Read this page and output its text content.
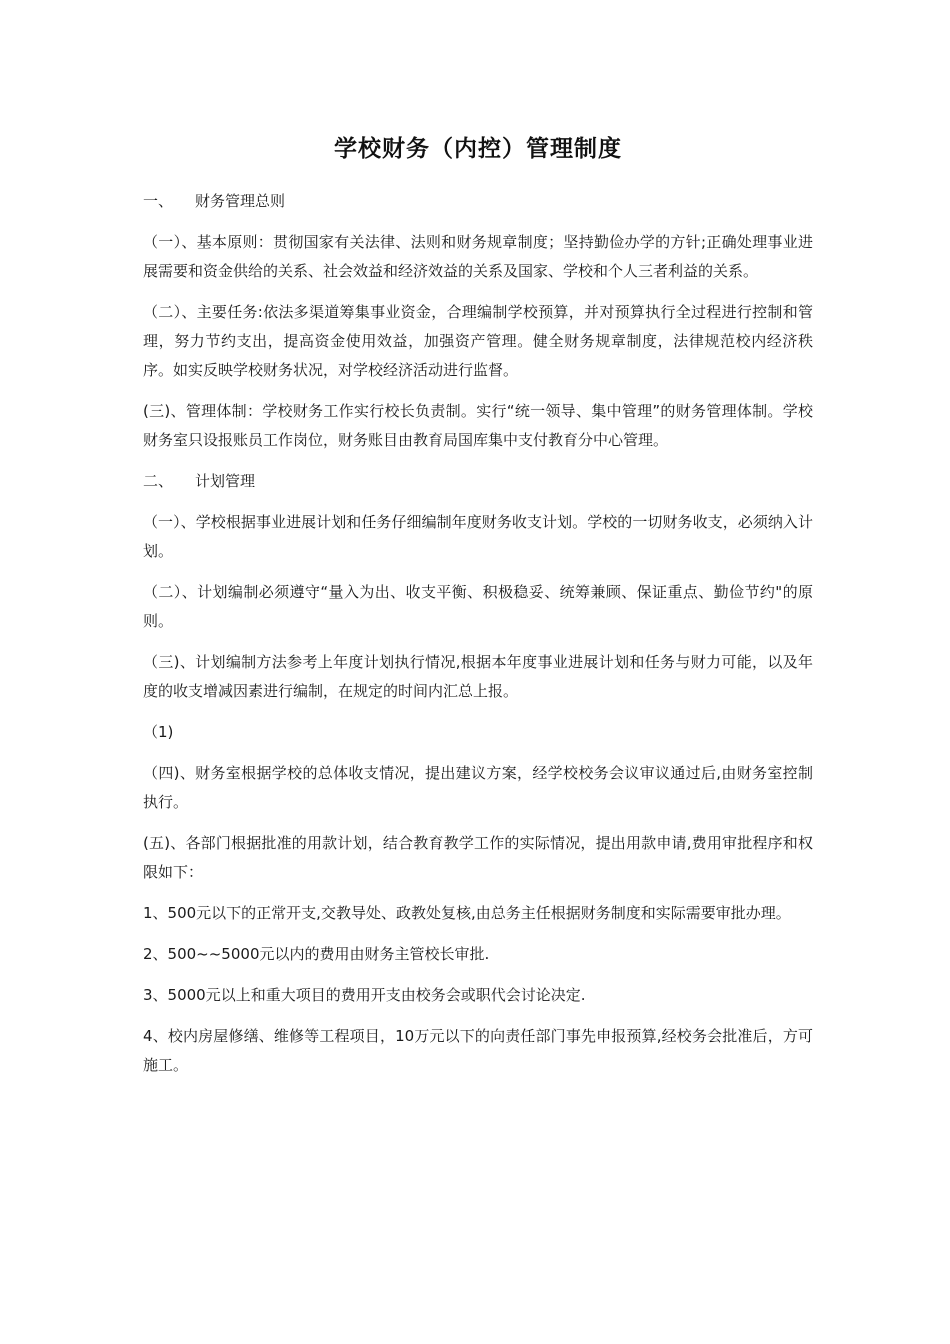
学校财务（内控）管理制度
一、 财务管理总则

（一）、基本原则：贯彻国家有关法律、法则和财务规章制度；坚持勤俭办学的方针;正确处理事业进展需要和资金供给的关系、社会效益和经济效益的关系及国家、学校和个人三者利益的关系。

（二）、主要任务:依法多渠道筹集事业资金，合理编制学校预算，并对预算执行全过程进行控制和管理，努力节约支出，提高资金使用效益，加强资产管理。健全财务规章制度，法律规范校内经济秩序。如实反映学校财务状况，对学校经济活动进行监督。

(三)、管理体制：学校财务工作实行校长负责制。实行“统一领导、集中管理”的财务管理体制。学校财务室只设报账员工作岗位，财务账目由教育局国库集中支付教育分中心管理。

二、 计划管理

（一）、学校根据事业进展计划和任务仔细编制年度财务收支计划。学校的一切财务收支，必须纳入计划。

（二）、计划编制必须遵守“量入为出、收支平衡、积极稳妥、统筹兼顾、保证重点、勤俭节约"的原则。

（三)、计划编制方法参考上年度计划执行情况,根据本年度事业进展计划和任务与财力可能，以及年度的收支增减因素进行编制，在规定的时间内汇总上报。

（1)

（四)、财务室根据学校的总体收支情况，提出建议方案，经学校校务会议审议通过后,由财务室控制执行。

(五)、各部门根据批准的用款计划，结合教育教学工作的实际情况，提出用款申请,费用审批程序和权限如下：

1、500元以下的正常开支,交教导处、政教处复核,由总务主任根据财务制度和实际需要审批办理。

2、500~~5000元以内的费用由财务主管校长审批.

3、5000元以上和重大项目的费用开支由校务会或职代会讨论决定.

4、校内房屋修缮、维修等工程项目，10万元以下的向责任部门事先申报预算,经校务会批准后，方可施工。
